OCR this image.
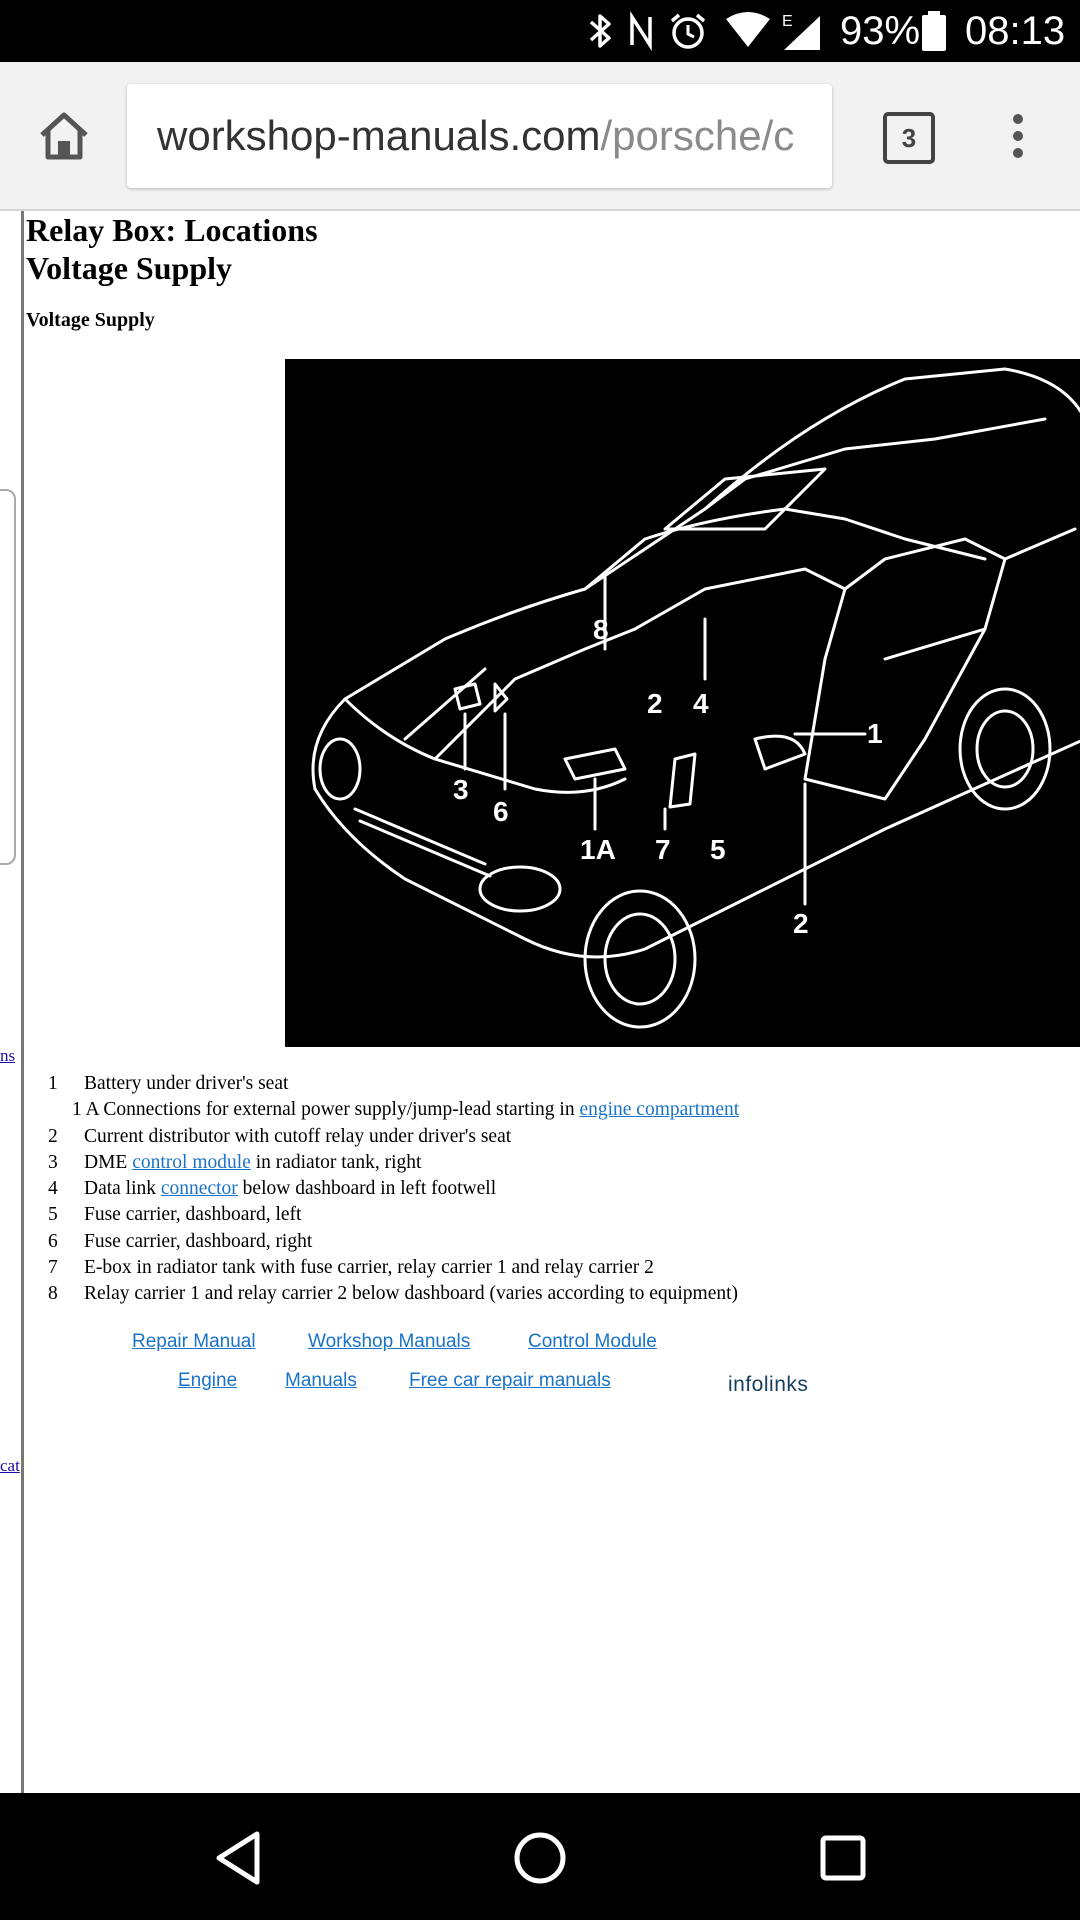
E 93% 08:13
workshop-manuals.com/porsche/c	3
ns
cat
Relay Box: Locations
Voltage Supply
Voltage Supply
8
4
2
3
6
1
1A 7 5
2
1	Battery under driver's seat
1 A Connections for external power supply/jump-lead starting in engine compartment
2	Current distributor with cutoff relay under driver's seat
3	DME control module in radiator tank, right
4	Data link connector below dashboard in left footwell
5	Fuse carrier, dashboard, left
6	Fuse carrier, dashboard, right
7	E-box in radiator tank with fuse carrier, relay carrier 1 and relay carrier 2
8	Relay carrier 1 and relay carrier 2 below dashboard (varies according to equipment)
Repair Manual	Workshop Manuals	Control Module
Engine	Manuals	Free car repair manuals	infolinks
